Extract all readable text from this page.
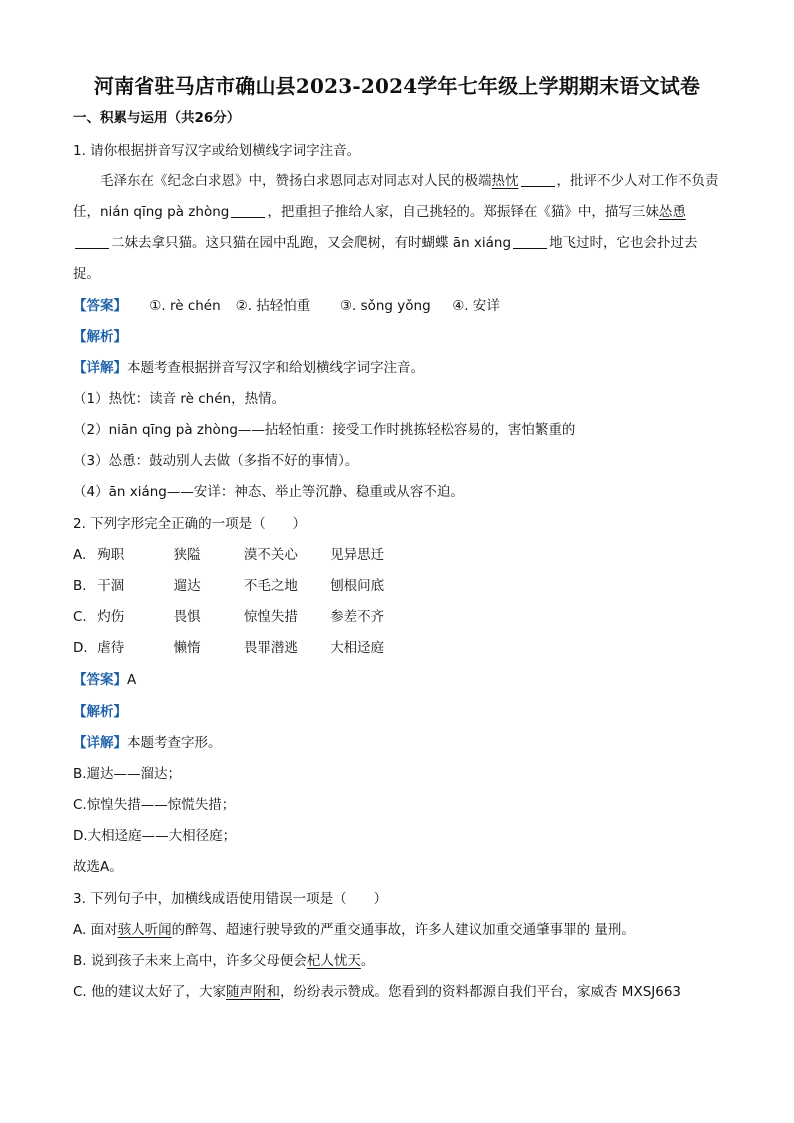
河南省驻马店市确山县2023-2024学年七年级上学期期末语文试卷
一、积累与运用（共26分）
1. 请你根据拼音写汉字或给划横线字词字注音。
毛泽东在《纪念白求恩》中，赞扬白求恩同志对同志对人民的极端热忱	，批评不少人对工作不负责任，nián qīng pà zhòng	，把重担子推给人家，自己挑轻的。郑振铎在《猫》中，描写三妹怂恿二妹去拿只猫。这只猫在园中乱跑，又会爬树，有时蝴蝶 ān xiáng	地飞过时，它也会扑过去捉。
【答案】 ①. rè chén ②. 拈轻怕重 ③. sǒng yǒng ④. 安详
【解析】
【详解】本题考查根据拼音写汉字和给划横线字词字注音。
（1）热忱：读音 rè chén，热情。
（2）niān qīng pà zhòng——拈轻怕重：接受工作时挑拣轻松容易的，害怕繁重的
（3）怂恿：鼓动别人去做（多指不好的事情）。
（4）ān xiáng——安详：神态、举止等沉静、稳重或从容不迫。
2. 下列字形完全正确的一项是（　　）
A. 殉职	狭隘	漠不关心 见异思迁
B. 干涸	遛达	不毛之地 刨根问底
C. 灼伤	畏惧	惊惶失措 参差不齐
D. 虐待	懒惰	畏罪潜逃 大相迳庭
【答案】A
【解析】
【详解】本题考查字形。
B.遛达——溜达；
C.惊惶失措——惊慌失措；
D.大相迳庭——大相径庭；
故选A。
3. 下列句子中，加横线成语使用错误一项是（　　）
A. 面对骇人听闻的醉驾、超速行驶导致的严重交通事故，许多人建议加重交通肇事罪的 量刑。
B. 说到孩子未来上高中，许多父母便会杞人忧天。
C. 他的建议太好了，大家随声附和，纷纷表示赞成。您看到的资料都源自我们平台，家威杏 MXSJ663
